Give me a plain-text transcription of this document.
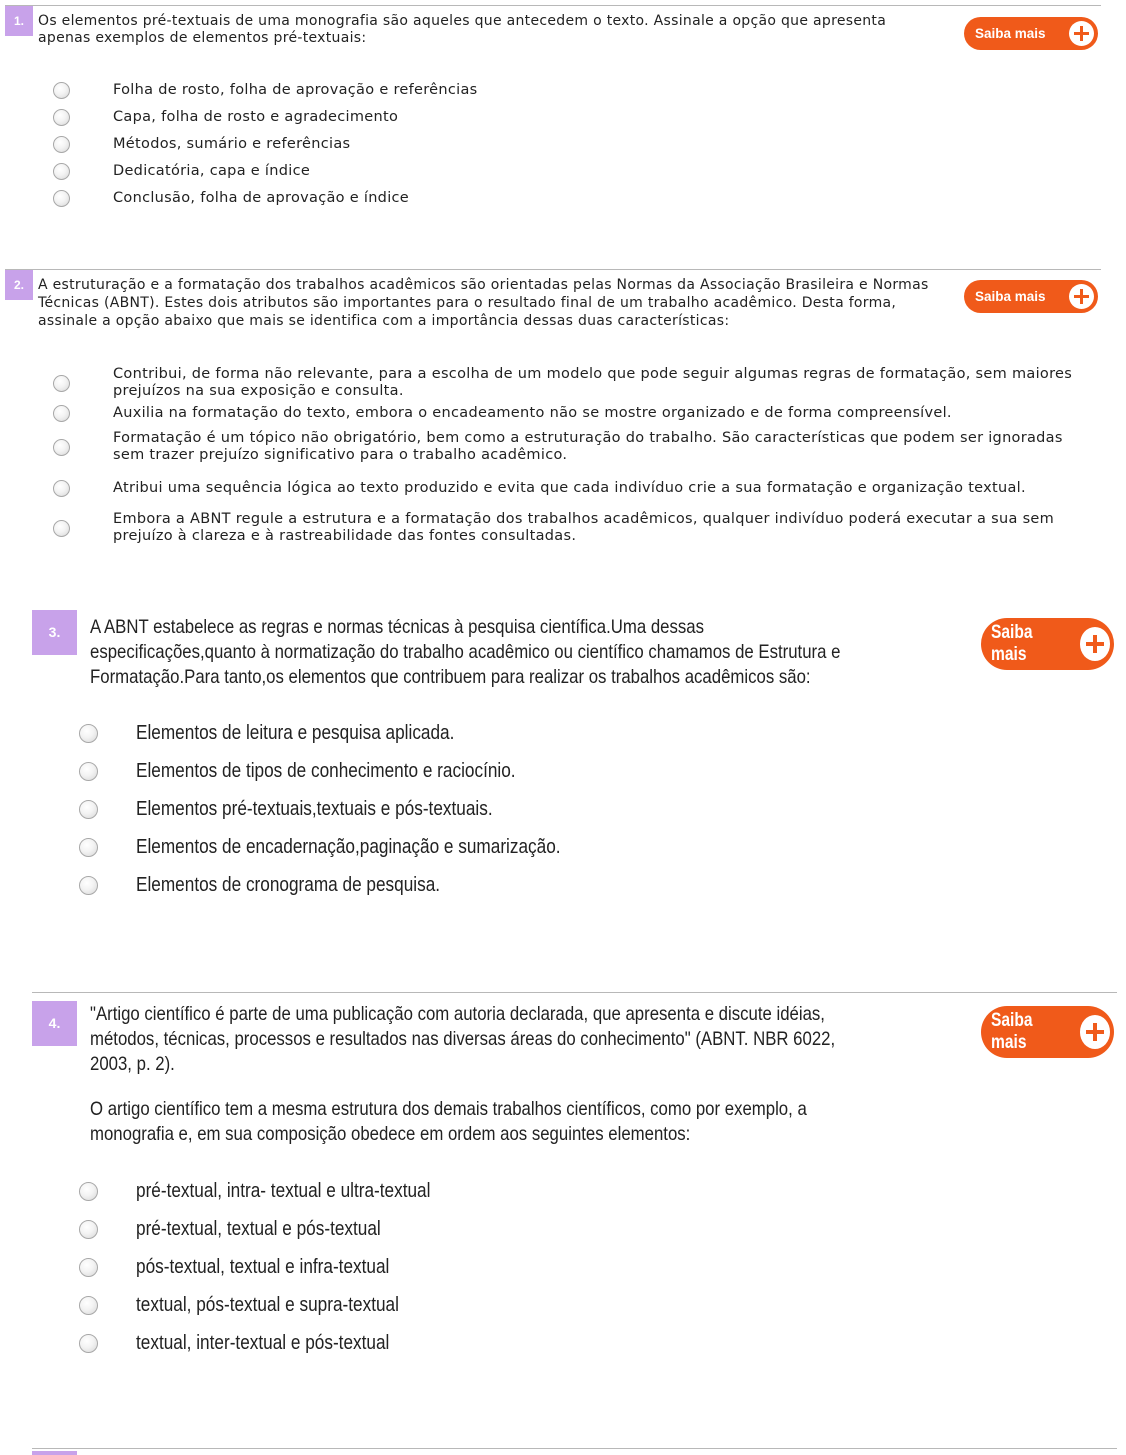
1.	Os elementos pré-textuais de uma monografia são aqueles que antecedem o texto. Assinale a opção que apresenta apenas exemplos de elementos pré-textuais:	Saiba mais
Folha de rosto, folha de aprovação e referências
Capa, folha de rosto e agradecimento
Métodos, sumário e referências
Dedicatória, capa e índice
Conclusão, folha de aprovação e índice
2.	A estruturação e a formatação dos trabalhos acadêmicos são orientadas pelas Normas da Associação Brasileira e Normas Técnicas (ABNT). Estes dois atributos são importantes para o resultado final de um trabalho acadêmico. Desta forma, assinale a opção abaixo que mais se identifica com a importância dessas duas características:

Saiba mais
Contribui, de forma não relevante, para a escolha de um modelo que pode seguir algumas regras de formatação, sem maiores prejuízos na sua exposição e consulta.
Auxilia na formatação do texto, embora o encadeamento não se mostre organizado e de forma compreensível.
Formatação é um tópico não obrigatório, bem como a estruturação do trabalho. São características que podem ser ignoradas sem trazer prejuízo significativo para o trabalho acadêmico.
Atribui uma sequência lógica ao texto produzido e evita que cada indivíduo crie a sua formatação e organização textual.
Embora a ABNT regule a estrutura e a formatação dos trabalhos acadêmicos, qualquer indivíduo poderá executar a sua sem prejuízo à clareza e à rastreabilidade das fontes consultadas.
3.	A ABNT estabelece as regras e normas técnicas à pesquisa científica.Uma dessas especificações,quanto à normatização do trabalho acadêmico ou científico chamamos de Estrutura e Formatação.Para tanto,os elementos que contribuem para realizar os trabalhos acadêmicos são:

Saiba mais
Elementos de leitura e pesquisa aplicada.
Elementos de tipos de conhecimento e raciocínio.
Elementos pré-textuais,textuais e pós-textuais.
Elementos de encadernação,paginação e sumarização.
Elementos de cronograma de pesquisa.
4.	"Artigo científico é parte de uma publicação com autoria declarada, que apresenta e discute idéias, métodos, técnicas, processos e resultados nas diversas áreas do conhecimento" (ABNT. NBR 6022, 2003, p. 2).

O artigo científico tem a mesma estrutura dos demais trabalhos científicos, como por exemplo, a monografia e, em sua composição obedece em ordem aos seguintes elementos:

Saiba mais
pré-textual, intra- textual e ultra-textual
pré-textual, textual e pós-textual
pós-textual, textual e infra-textual
textual, pós-textual e supra-textual
textual, inter-textual e pós-textual
